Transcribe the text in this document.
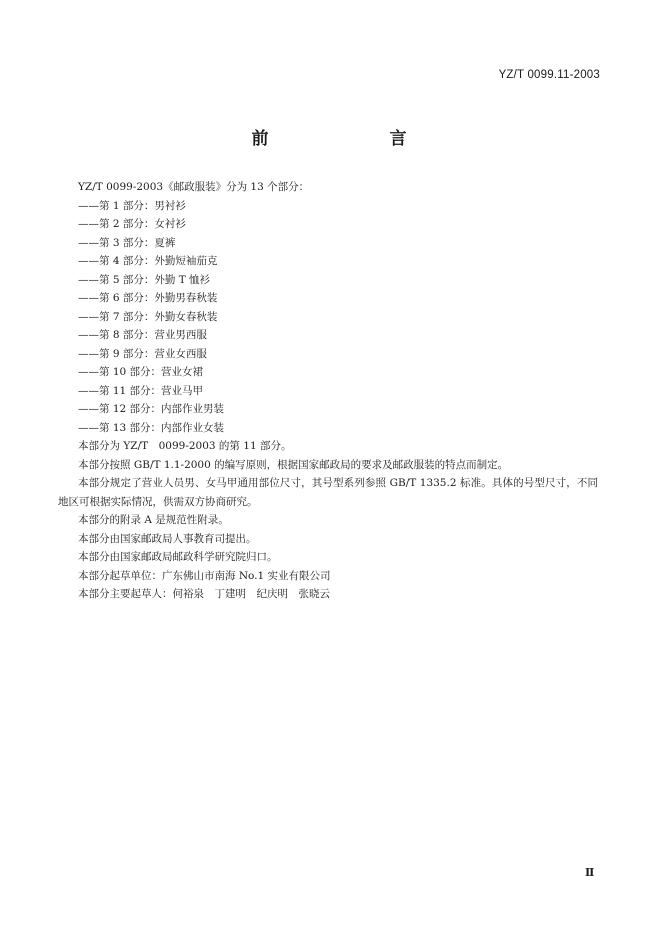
YZ/T 0099.11-2003
前　言
YZ/T 0099-2003《邮政服装》分为 13 个部分：
——第 1 部分：男衬衫
——第 2 部分：女衬衫
——第 3 部分：夏裤
——第 4 部分：外勤短袖茄克
——第 5 部分：外勤 T 恤衫
——第 6 部分：外勤男春秋装
——第 7 部分：外勤女春秋装
——第 8 部分：营业男西服
——第 9 部分：营业女西服
——第 10 部分：营业女裙
——第 11 部分：营业马甲
——第 12 部分：内部作业男装
——第 13 部分：内部作业女装
本部分为 YZ/T　0099-2003 的第 11 部分。
本部分按照 GB/T 1.1-2000 的编写原则，根据国家邮政局的要求及邮政服装的特点而制定。
本部分规定了营业人员男、女马甲通用部位尺寸，其号型系列参照 GB/T 1335.2 标准。具体的号型尺寸，不同地区可根据实际情况，供需双方协商研究。
本部分的附录 A 是规范性附录。
本部分由国家邮政局人事教育司提出。
本部分由国家邮政局邮政科学研究院归口。
本部分起草单位：广东佛山市南海 No.1 实业有限公司
本部分主要起草人：何裕泉　丁建明　纪庆明　张晓云
Ⅱ
